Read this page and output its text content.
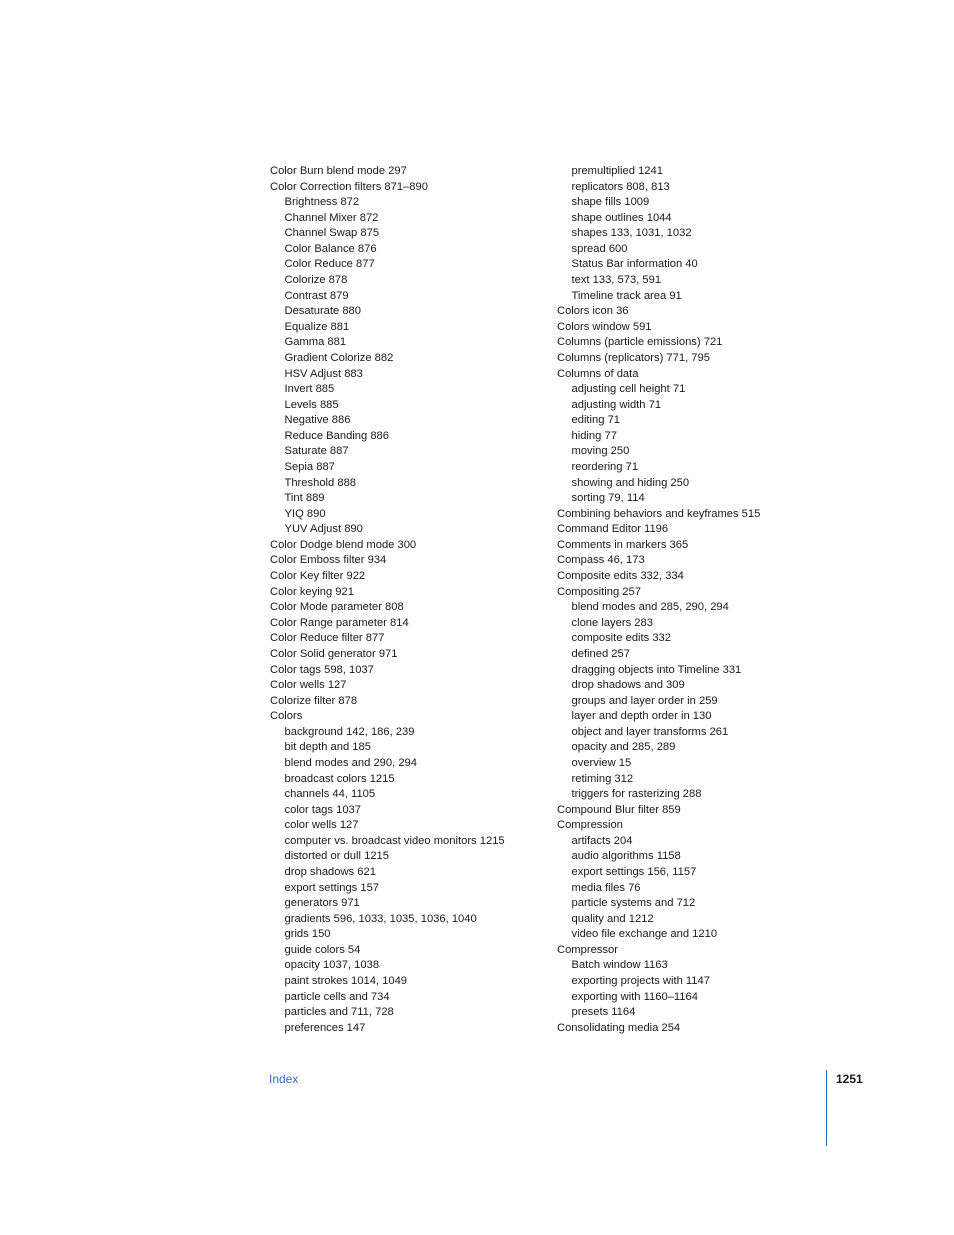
Color Burn blend mode 297
Color Correction filters 871–890
Brightness 872
Channel Mixer 872
Channel Swap 875
Color Balance 876
Color Reduce 877
Colorize 878
Contrast 879
Desaturate 880
Equalize 881
Gamma 881
Gradient Colorize 882
HSV Adjust 883
Invert 885
Levels 885
Negative 886
Reduce Banding 886
Saturate 887
Sepia 887
Threshold 888
Tint 889
YIQ 890
YUV Adjust 890
Color Dodge blend mode 300
Color Emboss filter 934
Color Key filter 922
Color keying 921
Color Mode parameter 808
Color Range parameter 814
Color Reduce filter 877
Color Solid generator 971
Color tags 598, 1037
Color wells 127
Colorize filter 878
Colors
background 142, 186, 239
bit depth and 185
blend modes and 290, 294
broadcast colors 1215
channels 44, 1105
color tags 1037
color wells 127
computer vs. broadcast video monitors 1215
distorted or dull 1215
drop shadows 621
export settings 157
generators 971
gradients 596, 1033, 1035, 1036, 1040
grids 150
guide colors 54
opacity 1037, 1038
paint strokes 1014, 1049
particle cells and 734
particles and 711, 728
preferences 147
premultiplied 1241
replicators 808, 813
shape fills 1009
shape outlines 1044
shapes 133, 1031, 1032
spread 600
Status Bar information 40
text 133, 573, 591
Timeline track area 91
Colors icon 36
Colors window 591
Columns (particle emissions) 721
Columns (replicators) 771, 795
Columns of data
adjusting cell height 71
adjusting width 71
editing 71
hiding 77
moving 250
reordering 71
showing and hiding 250
sorting 79, 114
Combining behaviors and keyframes 515
Command Editor 1196
Comments in markers 365
Compass 46, 173
Composite edits 332, 334
Compositing 257
blend modes and 285, 290, 294
clone layers 283
composite edits 332
defined 257
dragging objects into Timeline 331
drop shadows and 309
groups and layer order in 259
layer and depth order in 130
object and layer transforms 261
opacity and 285, 289
overview 15
retiming 312
triggers for rasterizing 288
Compound Blur filter 859
Compression
artifacts 204
audio algorithms 1158
export settings 156, 1157
media files 76
particle systems and 712
quality and 1212
video file exchange and 1210
Compressor
Batch window 1163
exporting projects with 1147
exporting with 1160–1164
presets 1164
Consolidating media 254
Index	1251
